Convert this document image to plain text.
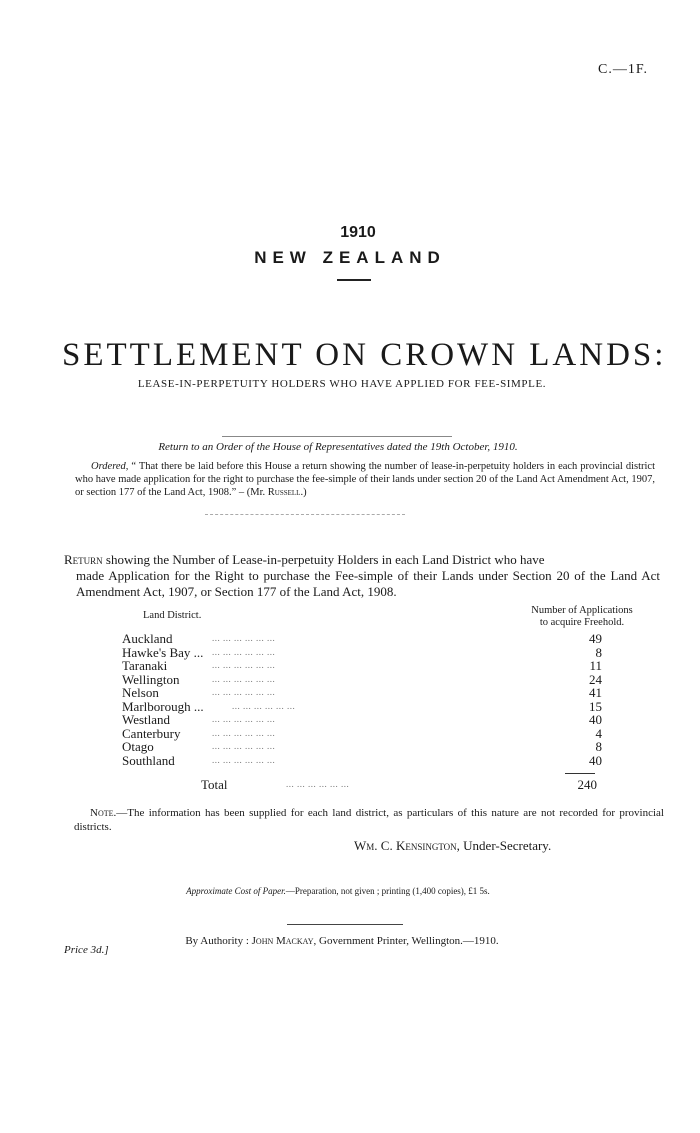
C.—1F.
1910
NEW ZEALAND
SETTLEMENT ON CROWN LANDS:
LEASE-IN-PERPETUITY HOLDERS WHO HAVE APPLIED FOR FEE-SIMPLE.
Return to an Order of the House of Representatives dated the 19th October, 1910.
Ordered, “ That there be laid before this House a return showing the number of lease-in-perpetuity holders in each provincial district who have made application for the right to purchase the fee-simple of their lands under section 20 of the Land Act Amendment Act, 1907, or section 177 of the Land Act, 1908.” – (Mr. Russell.)
Return showing the Number of Lease-in-perpetuity Holders in each Land District who have
made Application for the Right to purchase the Fee-simple of their Lands under Section 20 of the Land Act Amendment Act, 1907, or Section 177 of the Land Act, 1908.
Land District.	Number of Applications
to acquire Freehold.
... ... ... ... ... ...
Auckland	49
... ... ... ... ... ...
Hawke's Bay ...	8
... ... ... ... ... ...
Taranaki	11
... ... ... ... ... ...
Wellington	24
... ... ... ... ... ...
Nelson	41
... ... ... ... ... ...
Marlborough ...	15
... ... ... ... ... ...
Westland	40
... ... ... ... ... ...
Canterbury	4
... ... ... ... ... ...
Otago	8
... ... ... ... ... ...
Southland	40
Total	... ... ... ... ... ...	240
Note.—The information has been supplied for each land district, as particulars of this nature are not recorded for provincial districts.
Wm. C. Kensington, Under-Secretary.
Approximate Cost of Paper.—Preparation, not given ; printing (1,400 copies), £1 5s.
By Authority : John Mackay, Government Printer, Wellington.—1910.
Price 3d.]
